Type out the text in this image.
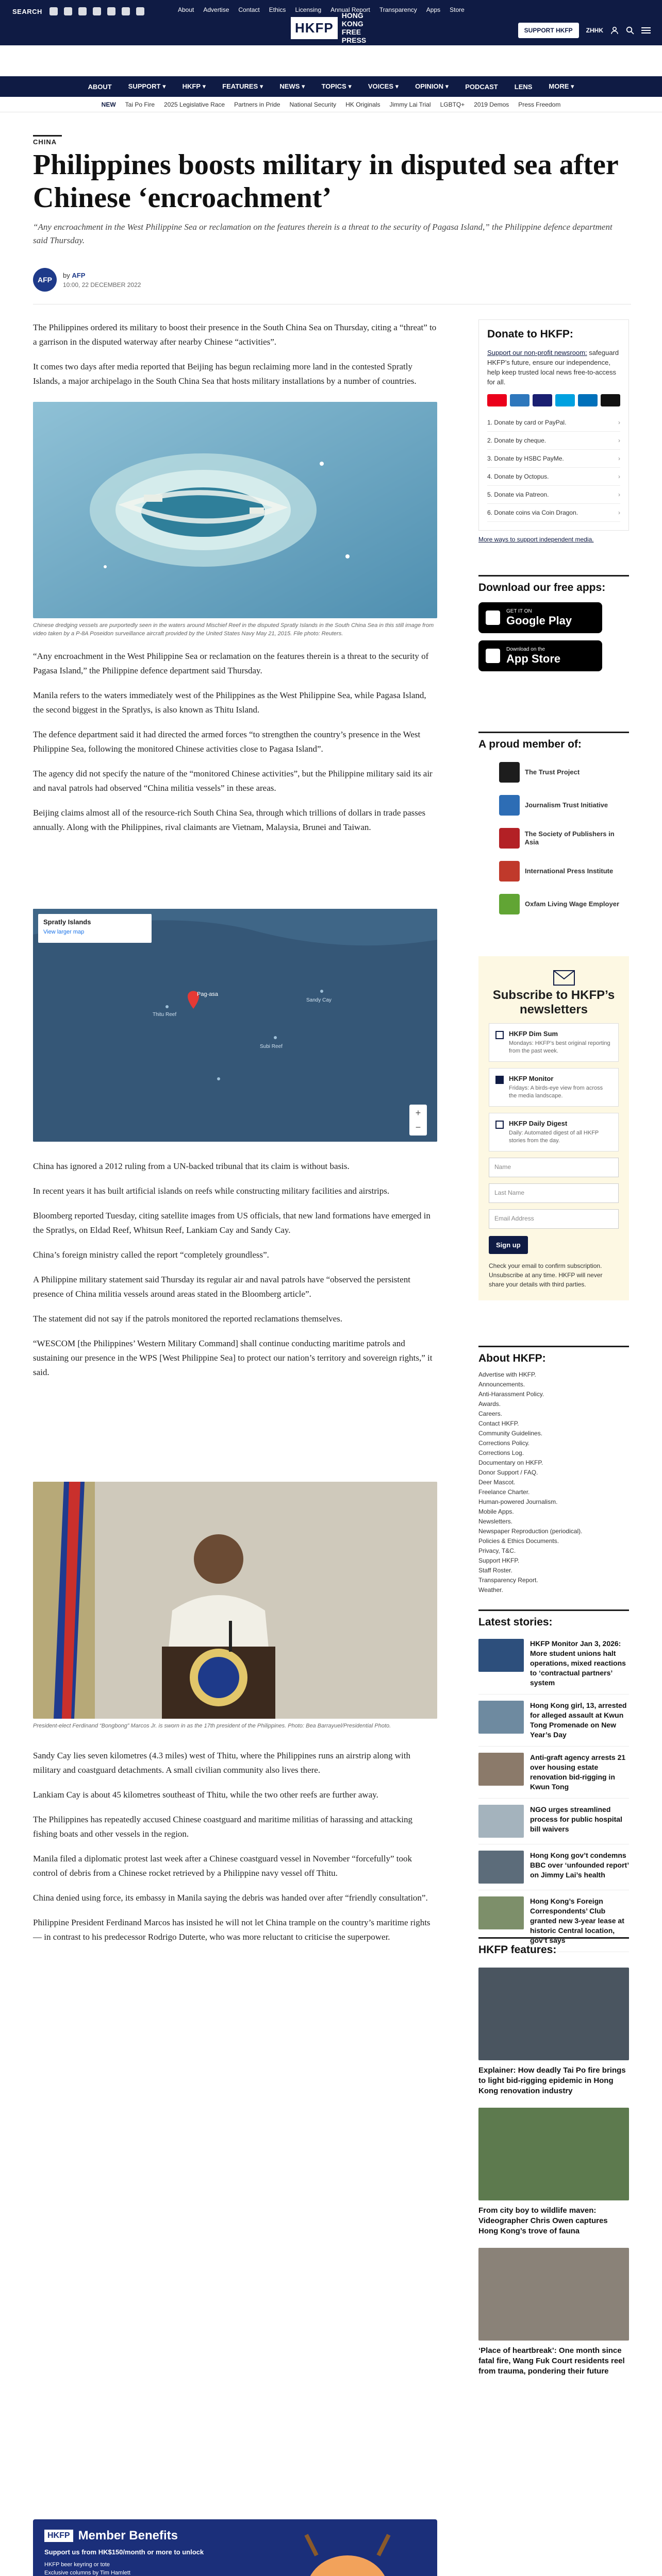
SEARCH	About Advertise Contact Ethics Licensing Annual Report Transparency Apps Store
HKFP
HONG KONG
FREE PRESS
SUPPORT HKFP	ZHHK
ABOUT SUPPORT ▾	HKFP ▾	FEATURES ▾	NEWS ▾	TOPICS ▾	VOICES ▾	OPINION ▾	PODCAST LENS MORE ▾
NEW Tai Po Fire 2025 Legislative Race Partners in Pride National Security HK Originals Jimmy Lai Trial LGBTQ+ 2019 Demos Press Freedom
CHINA
Philippines boosts military in disputed sea after Chinese ‘encroachment’

“Any encroachment in the West Philippine Sea or reclamation on the features therein is a threat to the security of Pagasa Island,” the Philippine defence department said Thursday.

AFP
by AFP
10:00, 22 DECEMBER 2022

The Philippines ordered its military to boost their presence in the South China Sea on Thursday, citing a “threat” to a garrison in the disputed waterway after nearby Chinese “activities”.

It comes two days after media reported that Beijing has begun reclaiming more land in the contested Spratly Islands, a major archipelago in the South China Sea that hosts military installations by a number of countries.

Chinese dredging vessels are purportedly seen in the waters around Mischief Reef in the disputed Spratly Islands in the South China Sea in this still image from video taken by a P-8A Poseidon surveillance aircraft provided by the United States Navy May 21, 2015. File photo: Reuters.

“Any encroachment in the West Philippine Sea or reclamation on the features therein is a threat to the security of Pagasa Island,” the Philippine defence department said Thursday.

Manila refers to the waters immediately west of the Philippines as the West Philippine Sea, while Pagasa Island, the second biggest in the Spratlys, is also known as Thitu Island.

The defence department said it had directed the armed forces “to strengthen the country’s presence in the West Philippine Sea, following the monitored Chinese activities close to Pagasa Island”.

The agency did not specify the nature of the “monitored Chinese activities”, but the Philippine military said its air and naval patrols had observed “China militia vessels” in these areas.

Beijing claims almost all of the resource-rich South China Sea, through which trillions of dollars in trade passes annually. Along with the Philippines, rival claimants are Vietnam, Malaysia, Brunei and Taiwan.

+
−
Spratly Islands
View larger map
Pag-asa
Thitu Reef
Subi Reef
Sandy Cay

China has ignored a 2012 ruling from a UN-backed tribunal that its claim is without basis.

In recent years it has built artificial islands on reefs while constructing military facilities and airstrips.

Bloomberg reported Tuesday, citing satellite images from US officials, that new land formations have emerged in the Spratlys, on Eldad Reef, Whitsun Reef, Lankiam Cay and Sandy Cay.

China’s foreign ministry called the report “completely groundless”.

A Philippine military statement said Thursday its regular air and naval patrols have “observed the persistent presence of China militia vessels around areas stated in the Bloomberg article”.

The statement did not say if the patrols monitored the reported reclamations themselves.

“WESCOM [the Philippines’ Western Military Command] shall continue conducting maritime patrols and sustaining our presence in the WPS [West Philippine Sea] to protect our nation’s territory and sovereign rights,” it said.

President-elect Ferdinand “Bongbong” Marcos Jr. is sworn in as the 17th president of the Philippines. Photo: Bea Barrayuel/Presidential Photo.

Sandy Cay lies seven kilometres (4.3 miles) west of Thitu, where the Philippines runs an airstrip along with military and coastguard detachments. A small civilian community also lives there.

Lankiam Cay is about 45 kilometres southeast of Thitu, while the two other reefs are further away.

The Philippines has repeatedly accused Chinese coastguard and maritime militias of harassing and attacking fishing boats and other vessels in the region.

Manila filed a diplomatic protest last week after a Chinese coastguard vessel in November “forcefully” took control of debris from a Chinese rocket retrieved by a Philippine navy vessel off Thitu.

China denied using force, its embassy in Manila saying the debris was handed over after “friendly consultation”.

Philippine President Ferdinand Marcos has insisted he will not let China trample on the country’s maritime rights — in contrast to his predecessor Rodrigo Duterte, who was more reluctant to criticise the superpower.

HKFP Member Benefits
Support us from HK$150/month or more to unlock
HKFP beer keyring or tote
Exclusive columns by Tim Hamlett

Donate to HKFP:

Support our non-profit newsroom: safeguard HKFP’s future, ensure our independence, help keep trusted local news free-to-access for all.

1. Donate by card or PayPal. ›
2. Donate by cheque. ›
3. Donate by HSBC PayMe. ›
4. Donate by Octopus. ›
5. Donate via Patreon. ›
6. Donate coins via Coin Dragon. ›
More ways to support independent media.
Download our free apps:
GET IT ON
Google Play
Download on the
App Store
A proud member of:
The Trust Project
Journalism Trust Initiative
The Society of Publishers in Asia
International Press Institute
Oxfam Living Wage Employer
Subscribe to HKFP’s newsletters
HKFP Dim Sum
Mondays: HKFP’s best original reporting from the past week.
HKFP Monitor
Fridays: A birds-eye view from across the media landscape.
HKFP Daily Digest
Daily: Automated digest of all HKFP stories from the day.
Name
Last Name
Email Address
Sign up

Check your email to confirm subscription. Unsubscribe at any time. HKFP will never share your details with third parties.

About HKFP:
Advertise with HKFP.
Announcements.
Anti-Harassment Policy.
Awards.
Careers.
Contact HKFP.
Community Guidelines.
Corrections Policy.
Corrections Log.
Documentary on HKFP.
Donor Support / FAQ.
Deer Mascot.
Freelance Charter.
Human-powered Journalism.
Mobile Apps.
Newsletters.
Newspaper Reproduction (periodical).
Policies & Ethics Documents.
Privacy, T&C.
Support HKFP.
Staff Roster.
Transparency Report.
Weather.
Latest stories:
HKFP Monitor Jan 3, 2026: More student unions halt operations, mixed reactions to ‘contractual partners’ system
Hong Kong girl, 13, arrested for alleged assault at Kwun Tong Promenade on New Year’s Day
Anti-graft agency arrests 21 over housing estate renovation bid-rigging in Kwun Tong
NGO urges streamlined process for public hospital bill waivers
Hong Kong gov’t condemns BBC over ‘unfounded report’ on Jimmy Lai’s health
Hong Kong’s Foreign Correspondents’ Club granted new 3-year lease at historic Central location, gov’t says
HKFP features:
Explainer: How deadly Tai Po fire brings to light bid-rigging epidemic in Hong Kong renovation industry
From city boy to wildlife maven: Videographer Chris Owen captures Hong Kong’s trove of fauna
‘Place of heartbreak’: One month since fatal fire, Wang Fuk Court residents reel from trauma, pondering their future
